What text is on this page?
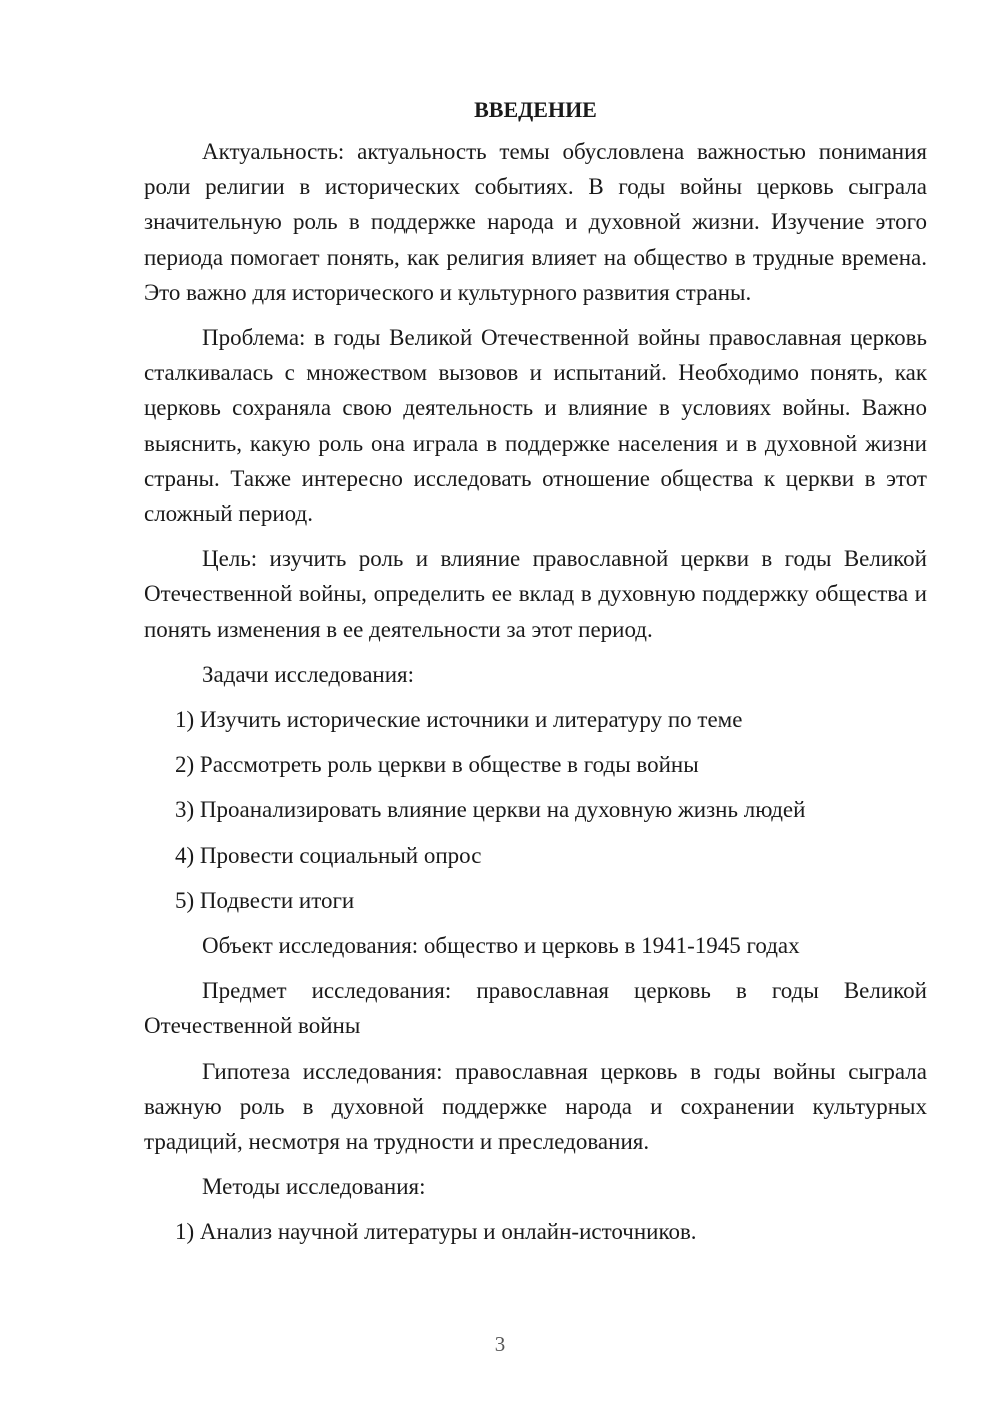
ВВЕДЕНИЕ

Актуальность: актуальность темы обусловлена важностью понимания роли религии в исторических событиях. В годы войны церковь сыграла значительную роль в поддержке народа и духовной жизни. Изучение этого периода помогает понять, как религия влияет на общество в трудные времена. Это важно для исторического и культурного развития страны.

Проблема: в годы Великой Отечественной войны православная церковь сталкивалась с множеством вызовов и испытаний. Необходимо понять, как церковь сохраняла свою деятельность и влияние в условиях войны. Важно выяснить, какую роль она играла в поддержке населения и в духовной жизни страны. Также интересно исследовать отношение общества к церкви в этот сложный период.

Цель: изучить роль и влияние православной церкви в годы Великой Отечественной войны, определить ее вклад в духовную поддержку общества и понять изменения в ее деятельности за этот период.

Задачи исследования:

1) Изучить исторические источники и литературу по теме

2) Рассмотреть роль церкви в обществе в годы войны

3) Проанализировать влияние церкви на духовную жизнь людей

4) Провести социальный опрос

5) Подвести итоги

Объект исследования: общество и церковь в 1941-1945 годах

Предмет исследования: православная церковь в годы Великой Отечественной войны

Гипотеза исследования: православная церковь в годы войны сыграла важную роль в духовной поддержке народа и сохранении культурных традиций, несмотря на трудности и преследования.

Методы исследования:

1) Анализ научной литературы и онлайн-источников.

3
